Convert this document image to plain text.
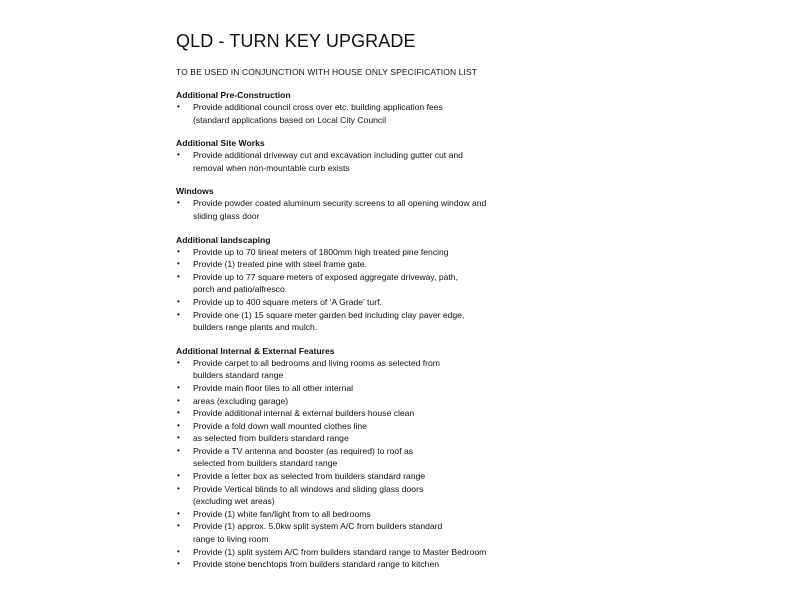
QLD - TURN KEY UPGRADE
TO BE USED IN CONJUNCTION WITH HOUSE ONLY SPECIFICATION LIST
Additional Pre-Construction
• Provide additional council cross over etc. building application fees
(standard applications based on Local City Council
Additional Site Works
• Provide additional driveway cut and excavation including gutter cut and
removal when non-mountable curb exists
Windows
• Provide powder coated aluminum security screens to all opening window and
sliding glass door
Additional landscaping
• Provide up to 70 lineal meters of 1800mm high treated pine fencing
• Provide (1) treated pine with steel frame gate.
• Provide up to 77 square meters of exposed aggregate driveway, path,
porch and patio/alfresco.
• Provide up to 400 square meters of ‘A Grade’ turf.
• Provide one (1) 15 square meter garden bed including clay paver edge,
builders range plants and mulch.
Additional Internal & External Features
• Provide carpet to all bedrooms and living rooms as selected from
builders standard range
• Provide main floor tiles to all other internal
• areas (excluding garage)
• Provide additional internal & external builders house clean
• Provide a fold down wall mounted clothes line
• as selected from builders standard range
• Provide a TV antenna and booster (as required) to roof as
selected from builders standard range
• Provide a letter box as selected from builders standard range
• Provide Vertical blinds to all windows and sliding glass doors
(excluding wet areas)
• Provide (1) white fan/light from to all bedrooms
• Provide (1) approx. 5.0kw split system A/C from builders standard
range to living room
• Provide (1) split system A/C from builders standard range to Master Bedroom
• Provide stone benchtops from builders standard range to kitchen
